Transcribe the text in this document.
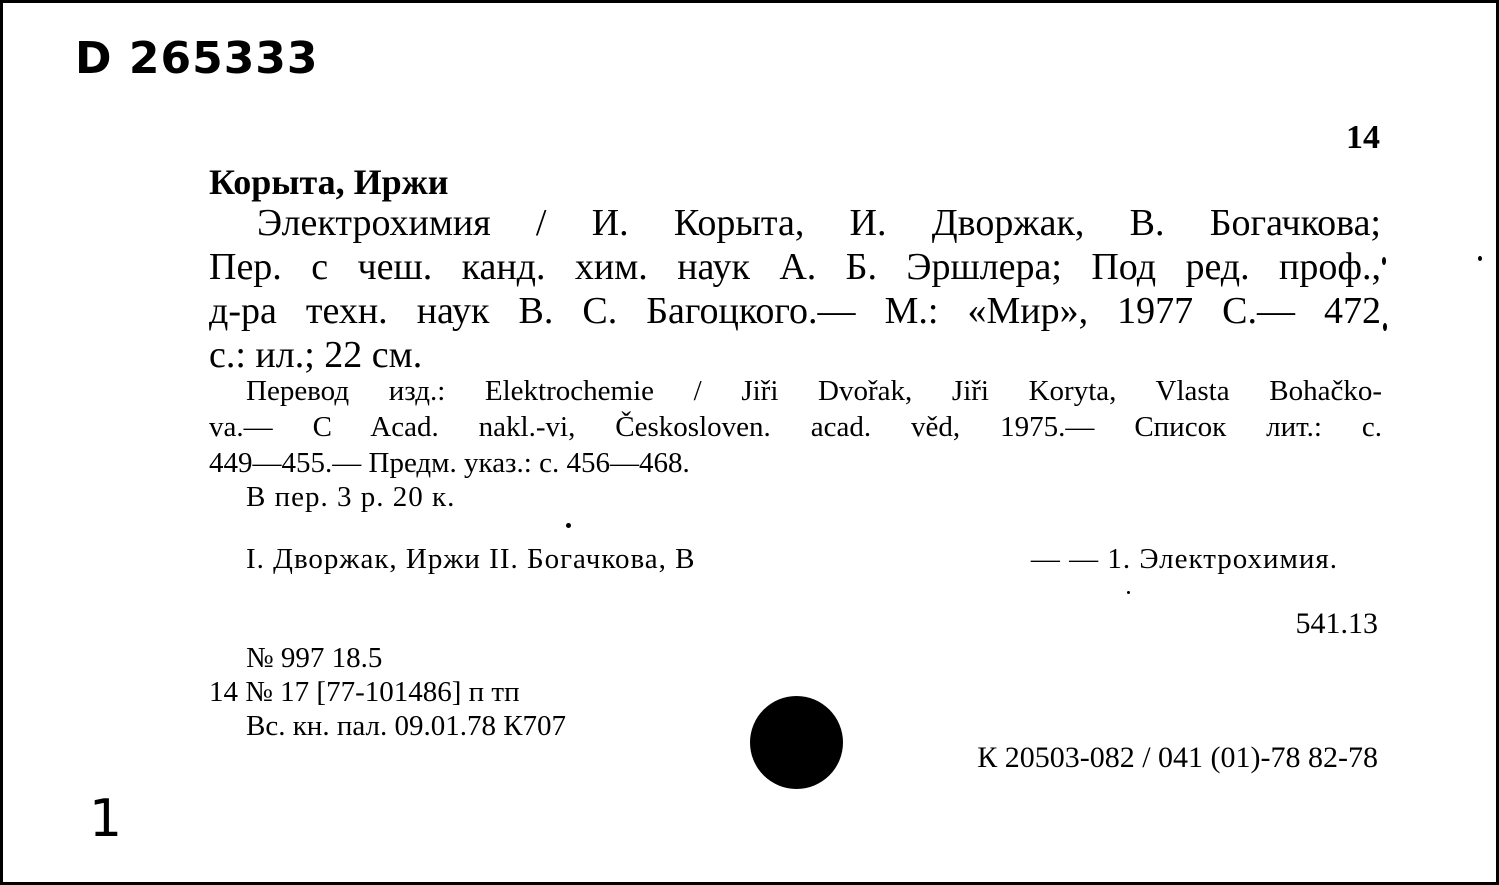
D 265333
14
Корыта, Иржи
Электрохимия / И. Корыта, И. Дворжак, В. Богачкова;
Пер. с чеш. канд. хим. наук А. Б. Эршлера; Под ред. проф.,
д-ра техн. наук В. С. Багоцкого.— М.: «Мир», 1977 С.— 472
с.: ил.; 22 см.
Перевод изд.: Elektrochemie / Jiři Dvořak, Jiři Koryta, Vlasta Bohačko-
va.— C Acad. nakl.-vi, Českosloven. acad. věd, 1975.— Список лит.: с.
449—455.— Предм. указ.: с. 456—468.
В пер. 3 р. 20 к.
I. Дворжак, Иржи II. Богачкова, В	— — 1. Электрохимия.
541.13
№ 997 18.5
14 № 17 [77-101486] п тп
Вс. кн. пал. 09.01.78 К707
К 20503-082 / 041 (01)-78 82-78
1
